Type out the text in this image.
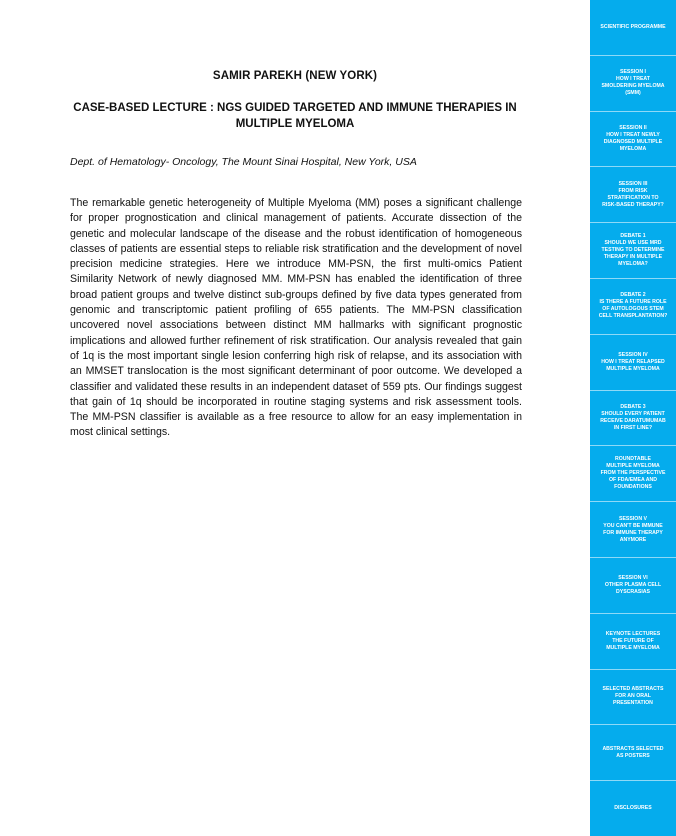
SAMIR PAREKH (NEW YORK)
CASE-BASED LECTURE : NGS GUIDED TARGETED AND IMMUNE THERAPIES IN MULTIPLE MYELOMA
Dept. of Hematology- Oncology, The Mount Sinai Hospital, New York, USA

The remarkable genetic heterogeneity of Multiple Myeloma (MM) poses a significant challenge for proper prognostication and clinical management of patients. Accurate dissection of the genetic and molecular landscape of the disease and the robust identification of homogeneous classes of patients are essential steps to reliable risk stratification and the development of novel precision medicine strategies. Here we introduce MM-PSN, the first multi-omics Patient Similarity Network of newly diagnosed MM. MM-PSN has enabled the identification of three broad patient groups and twelve distinct sub-groups defined by five data types generated from genomic and transcriptomic patient profiling of 655 patients. The MM-PSN classification uncovered novel associations between distinct MM hallmarks with significant prognostic implications and allowed further refinement of risk stratification. Our analysis revealed that gain of 1q is the most important single lesion conferring high risk of relapse, and its association with an MMSET translocation is the most significant determinant of poor outcome. We developed a classifier and validated these results in an independent dataset of 559 pts. Our findings suggest that gain of 1q should be incorporated in routine staging systems and risk assessment tools. The MM-PSN classifier is available as a free resource to allow for an easy implementation in most clinical settings.

SCIENTIFIC PROGRAMME
SESSION I
HOW I TREAT
SMOLDERING MYELOMA
(SMM)
SESSION II
HOW I TREAT NEWLY
DIAGNOSED MULTIPLE
MYELOMA
SESSION III
FROM RISK
STRATIFICATION TO
RISK-BASED THERAPY?
DEBATE 1
SHOULD WE USE MRD
TESTING TO DETERMINE
THERAPY IN MULTIPLE
MYELOMA?
DEBATE 2
IS THERE A FUTURE ROLE
OF AUTOLOGOUS STEM
CELL TRANSPLANTATION?
SESSION IV
HOW I TREAT RELAPSED
MULTIPLE MYELOMA
DEBATE 3
SHOULD EVERY PATIENT
RECEIVE DARATUMUMAB
IN FIRST LINE?
ROUNDTABLE
MULTIPLE MYELOMA
FROM THE PERSPECTIVE
OF FDA/EMEA AND
FOUNDATIONS
SESSION V
YOU CAN'T BE IMMUNE
FOR IMMUNE THERAPY
ANYMORE
SESSION VI
OTHER PLASMA CELL
DYSCRASIAS
KEYNOTE LECTURES
THE FUTURE OF
MULTIPLE MYELOMA
SELECTED ABSTRACTS
FOR AN ORAL
PRESENTATION
ABSTRACTS SELECTED
AS POSTERS
DISCLOSURES
